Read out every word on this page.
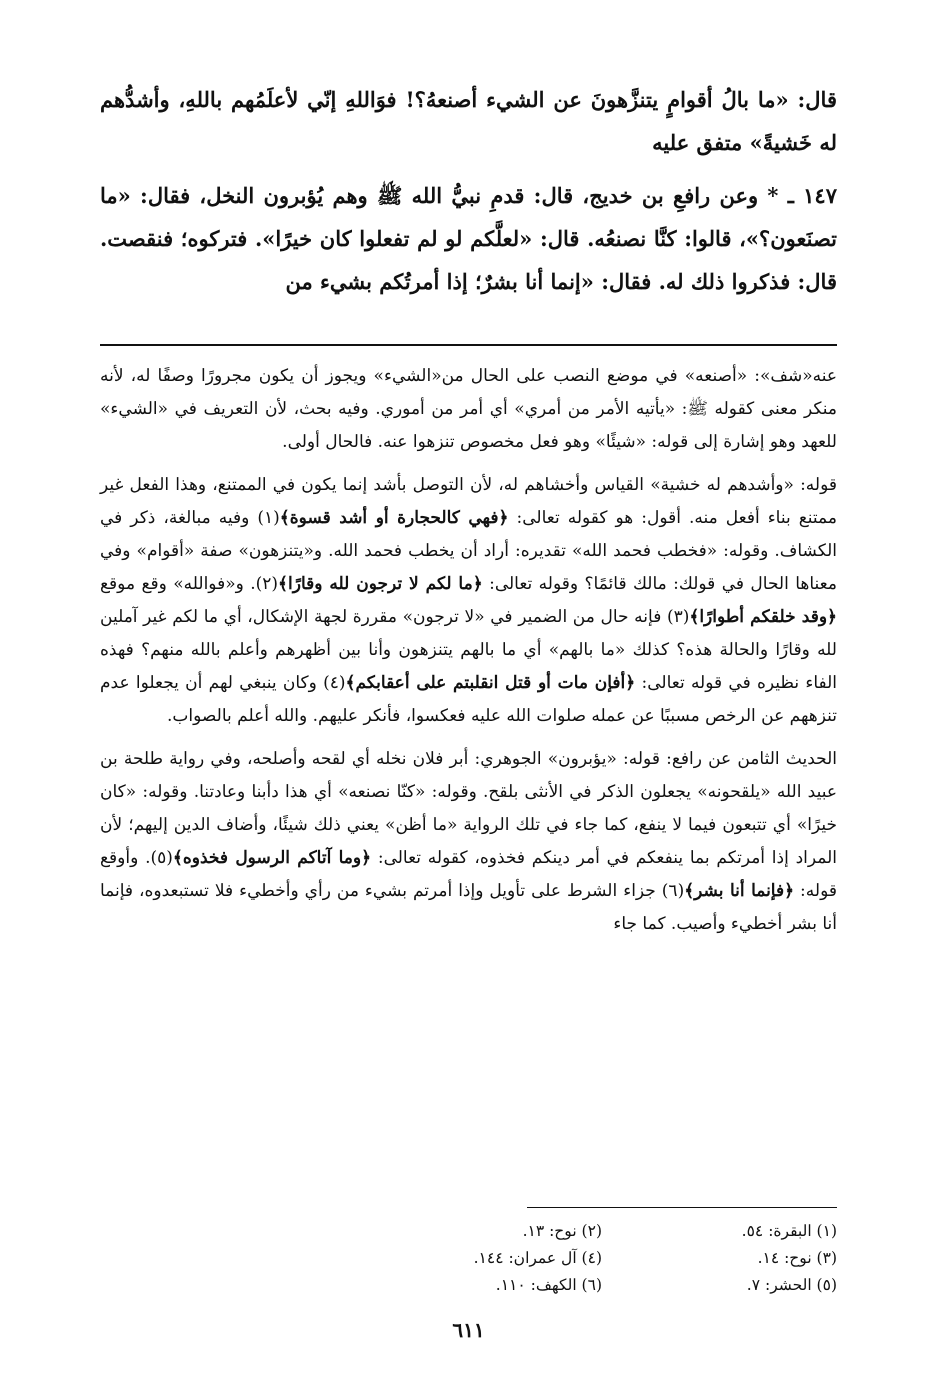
قال: «ما بالُ أقوامٍ يتنزَّهونَ عن الشيء أصنعهُ؟! فوَاللهِ إنّي لأعلَمُهم باللهِ، وأشدُّهم له خَشيةً» متفق عليه

١٤٧ ـ * وعن رافعِ بن خديج، قال: قدمِ نبيُّ الله ﷺ وهم يُؤبرون النخل، فقال: «ما تصنَعون؟»، قالوا: كنَّا نصنعُه. قال: «لعلَّكم لو لم تفعلوا كان خيرًا». فتركوه؛ فنقصت. قال: فذكروا ذلك له. فقال: «إنما أنا بشرٌ؛ إذا أمرتُكم بشيء من

عنه«شف»: «أصنعه» في موضع النصب على الحال من«الشيء» ويجوز أن يكون مجرورًا وصفًا له، لأنه منكر معنى كقوله ﷺ: «يأتيه الأمر من أمري» أي أمر من أموري. وفيه بحث، لأن التعريف في «الشيء» للعهد وهو إشارة إلى قوله: «شيئًا» وهو فعل مخصوص تنزهوا عنه. فالحال أولى.

قوله: «وأشدهم له خشية» القياس وأخشاهم له، لأن التوصل بأشد إنما يكون في الممتنع، وهذا الفعل غير ممتنع بناء أفعل منه. أقول: هو كقوله تعالى: ﴿فهي كالحجارة أو أشد قسوة﴾(١) وفيه مبالغة، ذكر في الكشاف. وقوله: «فخطب فحمد الله» تقديره: أراد أن يخطب فحمد الله. و«يتنزهون» صفة «أقوام» وفي معناها الحال في قولك: مالك قائمًا؟ وقوله تعالى: ﴿ما لكم لا ترجون لله وقارًا﴾(٢). و«فوالله» وقع موقع ﴿وقد خلقكم أطوارًا﴾(٣) فإنه حال من الضمير في «لا ترجون» مقررة لجهة الإشكال، أي ما لكم غير آملين لله وقارًا والحالة هذه؟ كذلك «ما بالهم» أي ما بالهم يتنزهون وأنا بين أظهرهم وأعلم بالله منهم؟ فهذه الفاء نظيره في قوله تعالى: ﴿أفإن مات أو قتل انقلبتم على أعقابكم﴾(٤) وكان ينبغي لهم أن يجعلوا عدم تنزههم عن الرخص مسببًا عن عمله صلوات الله عليه فعكسوا، فأنكر عليهم. والله أعلم بالصواب.

الحديث الثامن عن رافع: قوله: «يؤبرون» الجوهري: أبر فلان نخله أي لقحه وأصلحه، وفي رواية طلحة بن عبيد الله «يلقحونه» يجعلون الذكر في الأنثى بلقح. وقوله: «كنّا نصنعه» أي هذا دأبنا وعادتنا. وقوله: «كان خيرًا» أي تتبعون فيما لا ينفع، كما جاء في تلك الرواية «ما أظن» يعني ذلك شيئًا، وأضاف الدين إليهم؛ لأن المراد إذا أمرتكم بما ينفعكم في أمر دينكم فخذوه، كقوله تعالى: ﴿وما آتاكم الرسول فخذوه﴾(٥). وأوقع قوله: ﴿فإنما أنا بشر﴾(٦) جزاء الشرط على تأويل وإذا أمرتم بشيء من رأي وأخطيء فلا تستبعدوه، فإنما أنا بشر أخطيء وأصيب. كما جاء

(١) البقرة: ٥٤.
(٢) نوح: ١٣.
(٣) نوح: ١٤.
(٤) آل عمران: ١٤٤.
(٥) الحشر: ٧.
(٦) الكهف: ١١٠.
٦١١
